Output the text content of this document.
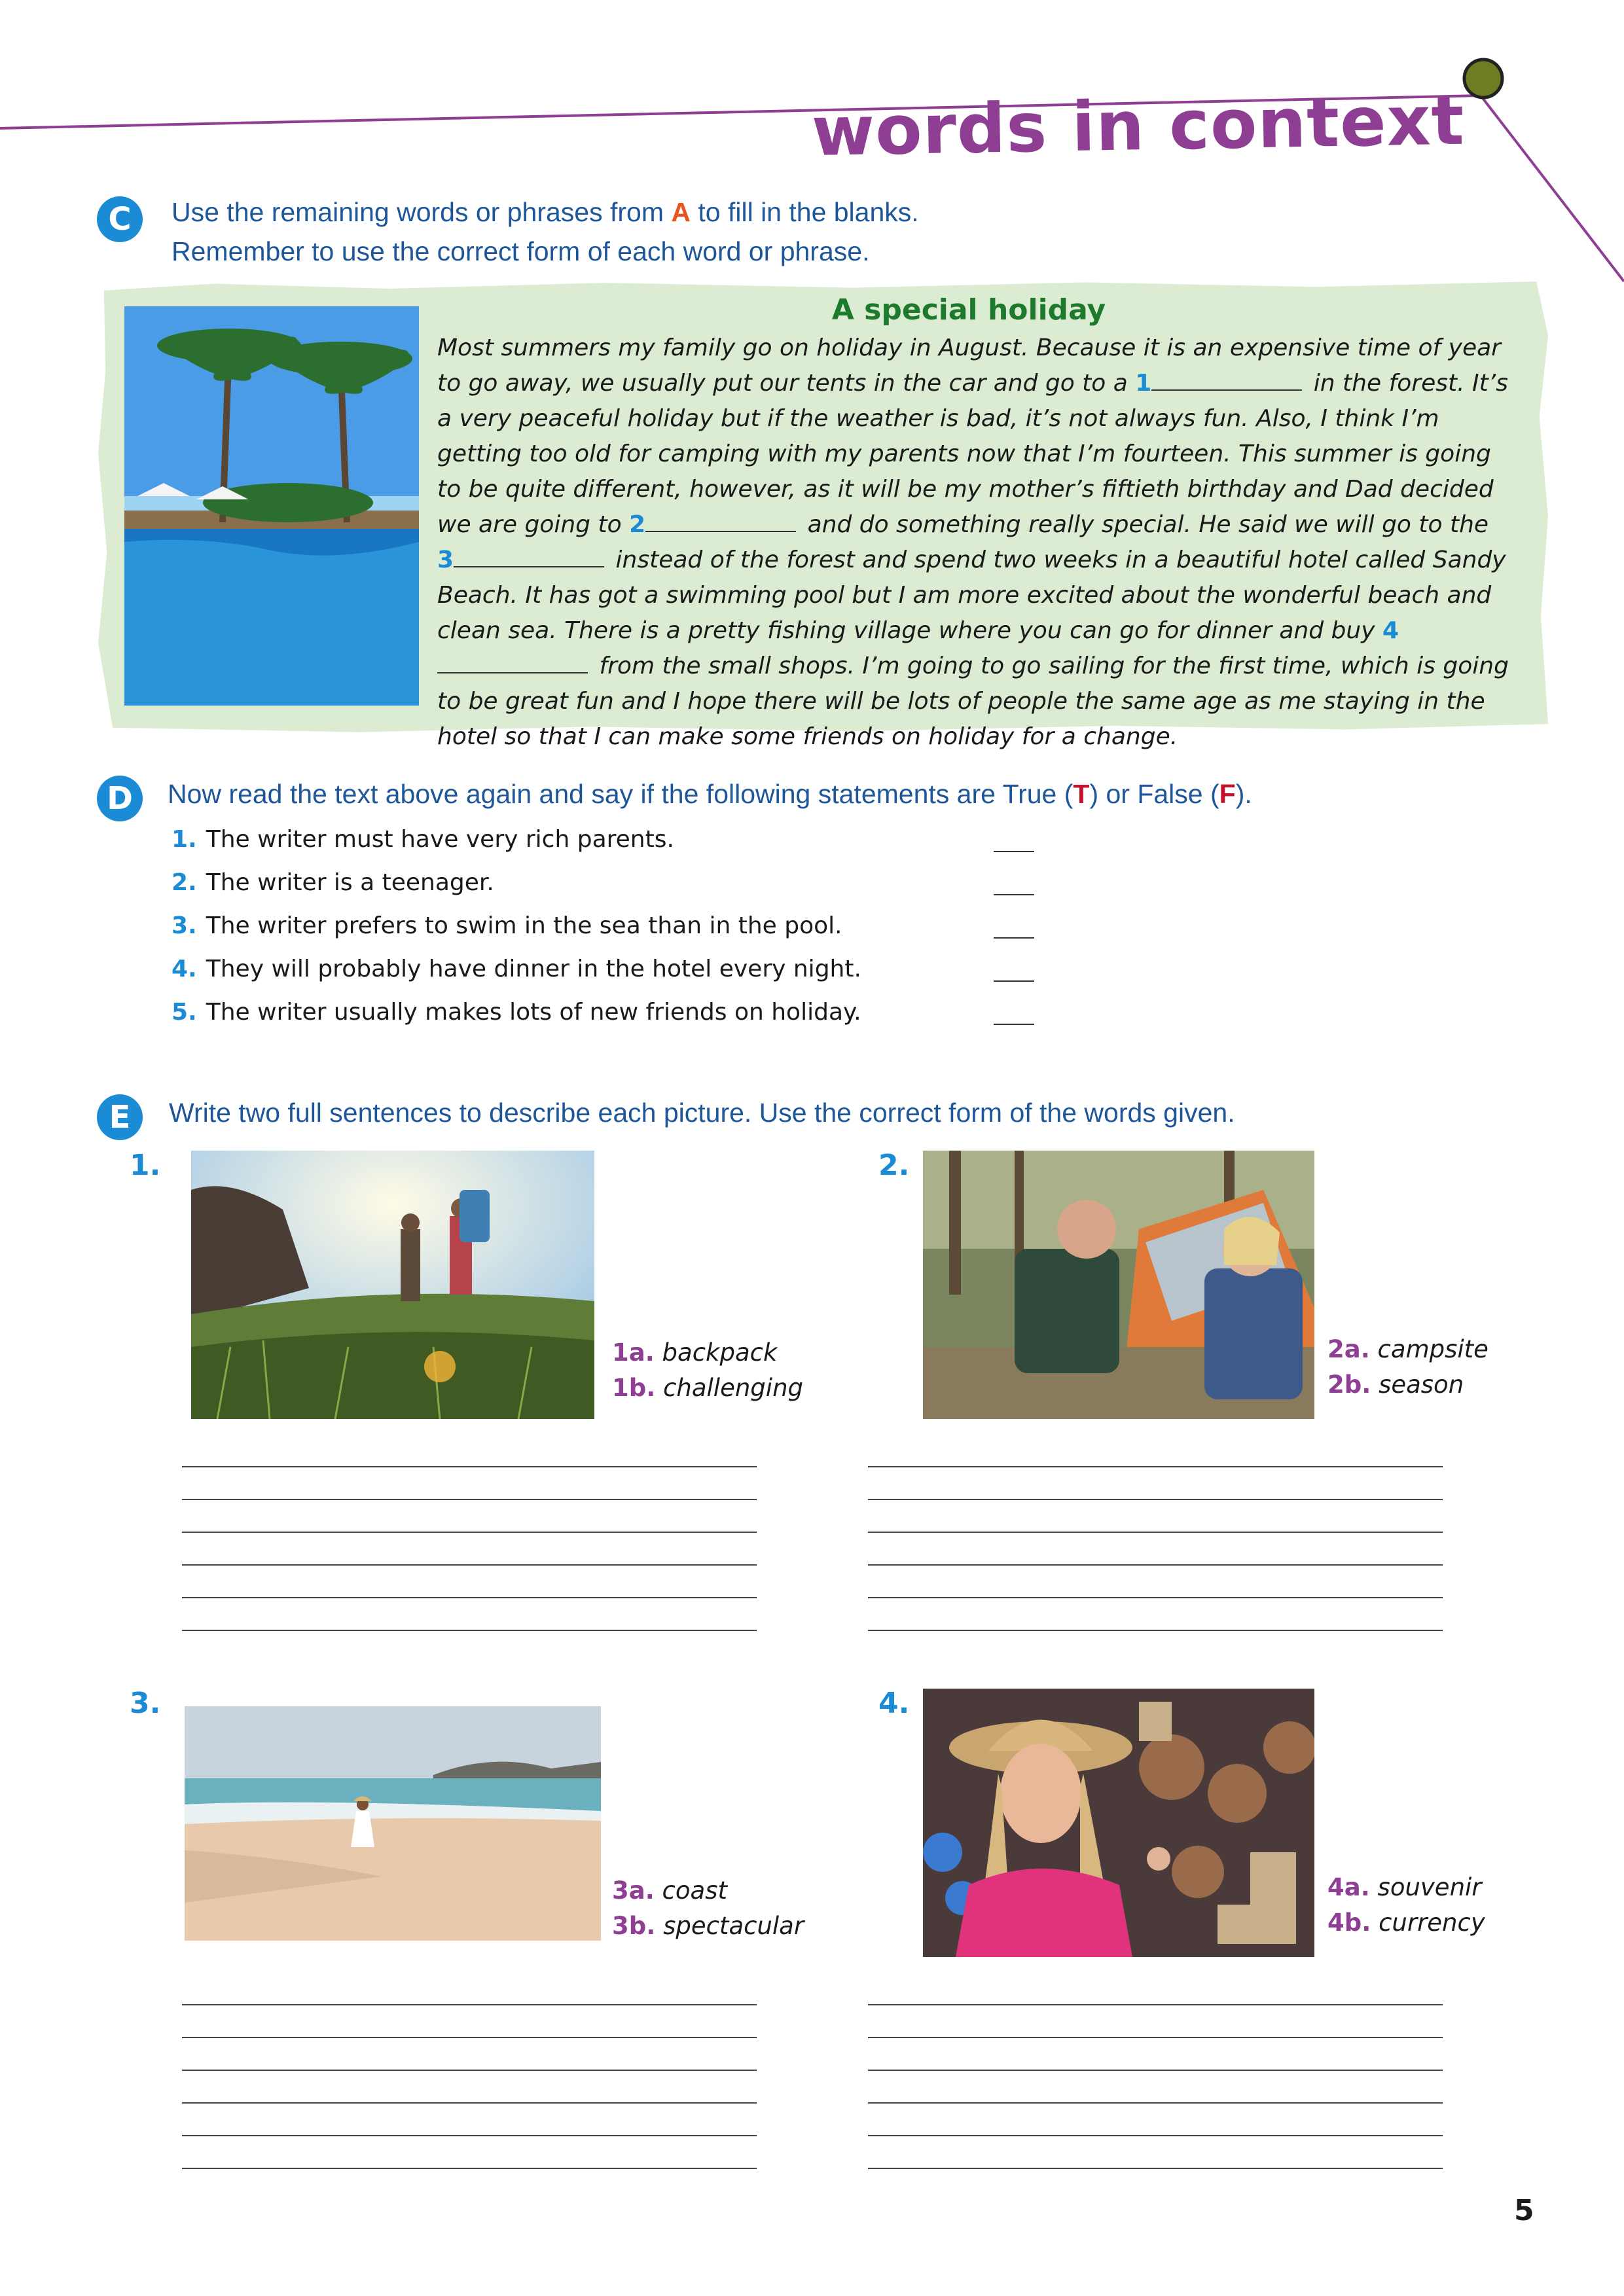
words in context
C	Use the remaining words or phrases from A to fill in the blanks.
Remember to use the correct form of each word or phrase.
A special holiday
Most summers my family go on holiday in August. Because it is an expensive time of year to go away, we usually put our tents in the car and go to a 1	in the forest. It’s a very peaceful holiday but if the weather is bad, it’s not always fun. Also, I think I’m getting too old for camping with my parents now that I’m fourteen. This summer is going to be quite different, however, as it will be my mother’s fiftieth birthday and Dad decided we are going to 2	and do something really special. He said we will go to the 3	instead of the forest and spend two weeks in a beautiful hotel called Sandy Beach. It has got a swimming pool but I am more excited about the wonderful beach and clean sea. There is a pretty fishing village where you can go for dinner and buy 4 from the small shops. I’m going to go sailing for the first time, which is going to be great fun and I hope there will be lots of people the same age as me staying in the hotel so that I can make some friends on holiday for a change.
D	Now read the text above again and say if the following statements are True (T) or False (F).
1. The writer must have very rich parents.
2. The writer is a teenager.
3. The writer prefers to swim in the sea than in the pool.
4. They will probably have dinner in the hotel every night.
5. The writer usually makes lots of new friends on holiday.
E	Write two full sentences to describe each picture. Use the correct form of the words given.
1.
1a. backpack
1b. challenging
2.
2a. campsite
2b. season
3.
3a. coast
3b. spectacular
4.
4a. souvenir
4b. currency
5
